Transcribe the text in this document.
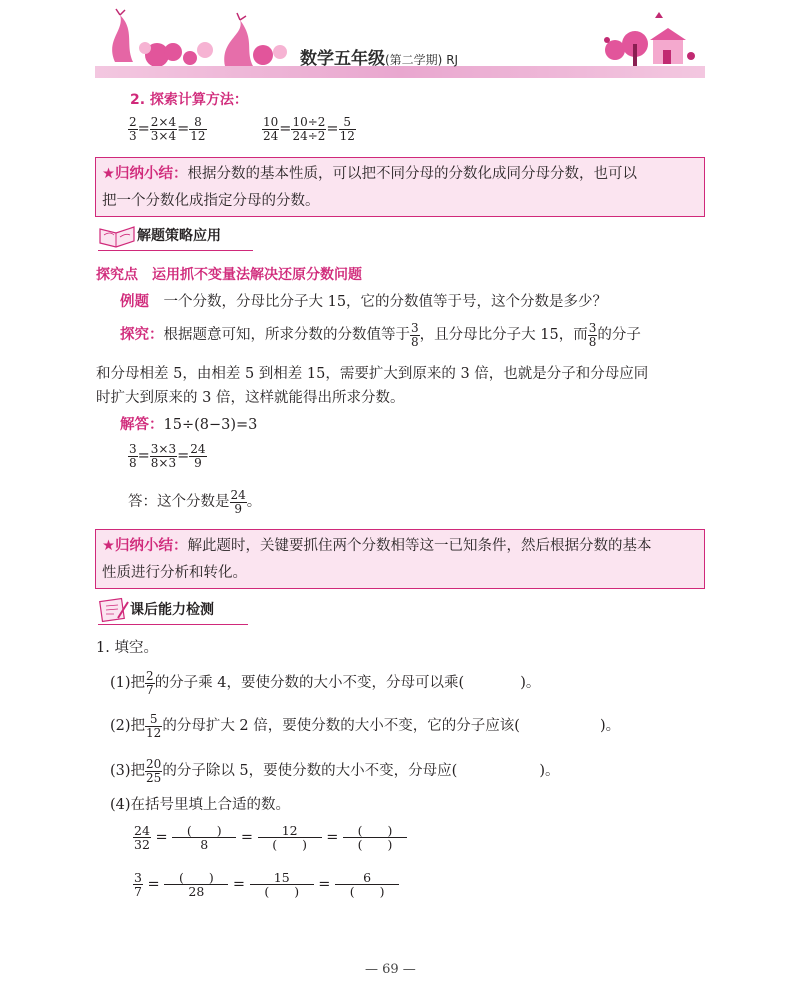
数学五年级(第二学期) RJ
2. 探索计算方法：
$\frac{2}{3} = \frac{2\times 4}{3\times 4} = \frac{8}{12}$	$\frac{10}{24} = \frac{10\div 2}{24\div 2} = \frac{5}{12}$
★归纳小结：根据分数的基本性质，可以把不同分母的分数化成同分母分数，也可以
把一个分数化成指定分母的分数。
解题策略应用
探究点　运用抓不变量法解决还原分数问题
例题　 一个分数，分母比分子大 15，它的分数值等于号，这个分数是多少？
探究：根据题意可知，所求分数的分数值等于 $\frac{3}{8}$ ，且分母比分子大 15，而 $\frac{3}{8}$ 的分子
和分母相差 5，由相差 5 到相差 15，需要扩大到原来的 3 倍，也就是分子和分母应同
时扩大到原来的 3 倍，这样就能得出所求分数。
解答：15÷(8−3)=3
$\frac{3}{8} = \frac{3\times 3}{8\times 3} = \frac{24}{9}$
答：这个分数是 $\frac{24}{9}$ 。
★归纳小结：解此题时，关键要抓住两个分数相等这一已知条件，然后根据分数的基本
性质进行分析和转化。
课后能力检测
1. 填空。
(1)把 $\frac{2}{7}$ 的分子乘 4，要使分数的大小不变，分母可以乘(	)。
(2)把 $\frac{5}{12}$ 的分母扩大 2 倍，要使分数的大小不变，它的分子应该(	)。
(3)把 $\frac{20}{25}$ 的分子除以 5，要使分数的大小不变，分母应(	)。
(4)在括号里填上合适的数。
$\frac{24}{32} = \frac{( )}{8} = \frac{12}{( )} = \frac{( )}{( )}$
$\frac{3}{7} = \frac{( )}{28} = \frac{15}{( )} = \frac{6}{( )}$
— 69 —
